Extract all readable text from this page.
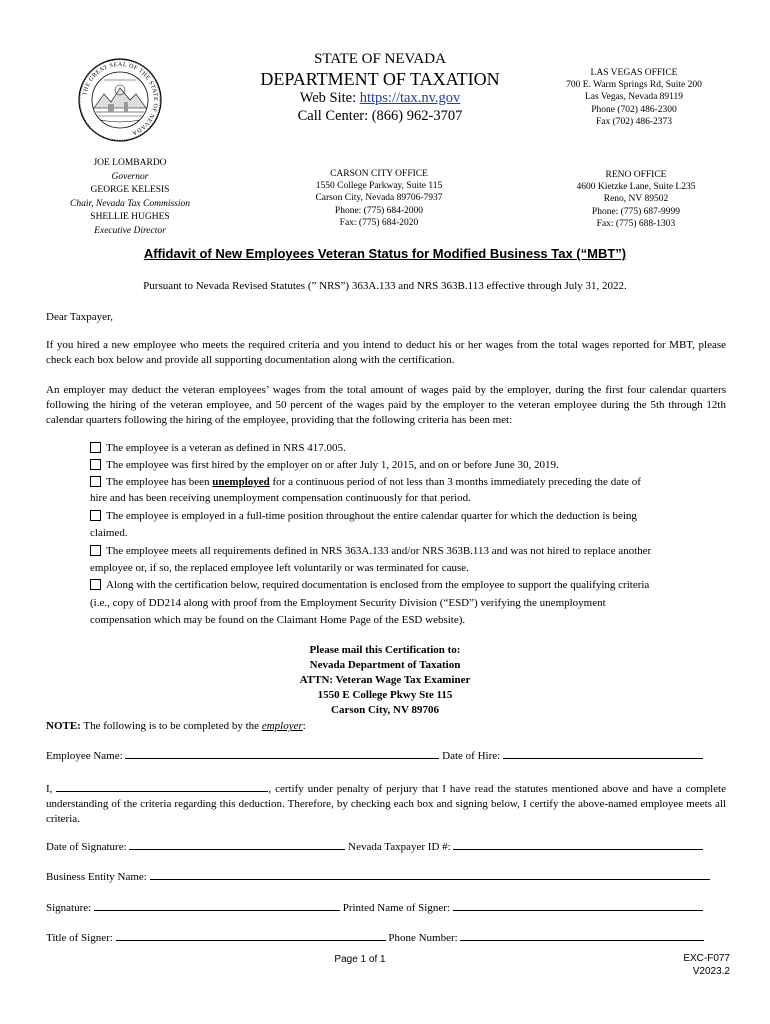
THE GREAT SEAL OF THE STATE OF NEVADA
STATE OF NEVADA
DEPARTMENT OF TAXATION
Web Site: https://tax.nv.gov
Call Center: (866) 962-3707
LAS VEGAS OFFICE
700 E. Warm Springs Rd, Suite 200
Las Vegas, Nevada 89119
Phone (702) 486-2300
Fax (702) 486-2373
JOE LOMBARDO
Governor
GEORGE KELESIS
Chair, Nevada Tax Commission
SHELLIE HUGHES
Executive Director
CARSON CITY OFFICE
1550 College Parkway, Suite 115
Carson City, Nevada 89706-7937
Phone: (775) 684-2000
Fax: (775) 684-2020
RENO OFFICE
4600 Kietzke Lane, Suite L235
Reno, NV 89502
Phone: (775) 687-9999
Fax: (775) 688-1303
Affidavit of New Employees Veteran Status for Modified Business Tax (“MBT”)
Pursuant to Nevada Revised Statutes (” NRS”) 363A.133 and NRS 363B.113 effective through July 31, 2022.
Dear Taxpayer,
If you hired a new employee who meets the required criteria and you intend to deduct his or her wages from the total wages reported for MBT, please check each box below and provide all supporting documentation along with the certification.
An employer may deduct the veteran employees’ wages from the total amount of wages paid by the employer, during the first four calendar quarters following the hiring of the veteran employee, and 50 percent of the wages paid by the employer to the veteran employee during the 5th through 12th calendar quarters following the hiring of the employee, providing that the following criteria has been met:
The employee is a veteran as defined in NRS 417.005.
The employee was first hired by the employer on or after July 1, 2015, and on or before June 30, 2019.
The employee has been unemployed for a continuous period of not less than 3 months immediately preceding the date of
hire and has been receiving unemployment compensation continuously for that period.
The employee is employed in a full-time position throughout the entire calendar quarter for which the deduction is being
claimed.
The employee meets all requirements defined in NRS 363A.133 and/or NRS 363B.113 and was not hired to replace another
employee or, if so, the replaced employee left voluntarily or was terminated for cause.
Along with the certification below, required documentation is enclosed from the employee to support the qualifying criteria
(i.e., copy of DD214 along with proof from the Employment Security Division (“ESD”) verifying the unemployment
compensation which may be found on the Claimant Home Page of the ESD website).
Please mail this Certification to:
Nevada Department of Taxation
ATTN: Veteran Wage Tax Examiner
1550 E College Pkwy Ste 115
Carson City, NV 89706
NOTE: The following is to be completed by the employer:
Employee Name:	Date of Hire:
I,	, certify under penalty of perjury that I have read the statutes mentioned above and have a complete understanding of the criteria regarding this deduction. Therefore, by checking each box and signing below, I certify the above-named employee meets all criteria.
Date of Signature:	Nevada Taxpayer ID #:
Business Entity Name:
Signature:	Printed Name of Signer:
Title of Signer:	Phone Number:
Page 1 of 1	EXC-F077
V2023.2
